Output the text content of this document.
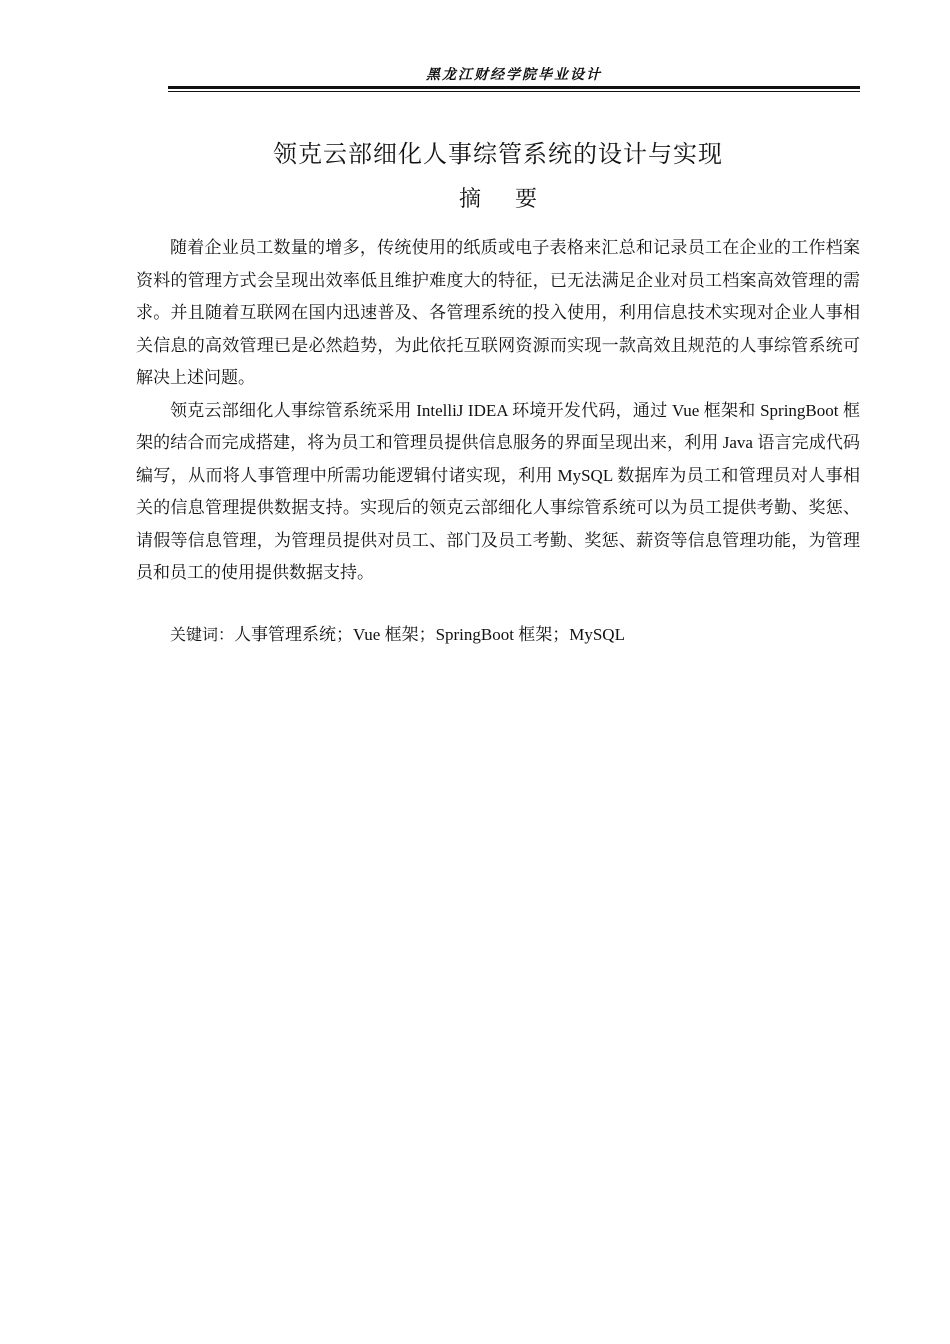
黑龙江财经学院毕业设计
领克云部细化人事综管系统的设计与实现
摘要

随着企业员工数量的增多，传统使用的纸质或电子表格来汇总和记录员工在企业的工作档案资料的管理方式会呈现出效率低且维护难度大的特征，已无法满足企业对员工档案高效管理的需求。并且随着互联网在国内迅速普及、各管理系统的投入使用，利用信息技术实现对企业人事相关信息的高效管理已是必然趋势，为此依托互联网资源而实现一款高效且规范的人事综管系统可解决上述问题。

领克云部细化人事综管系统采用 IntelliJ IDEA 环境开发代码，通过 Vue 框架和 SpringBoot 框架的结合而完成搭建，将为员工和管理员提供信息服务的界面呈现出来，利用 Java 语言完成代码编写，从而将人事管理中所需功能逻辑付诸实现，利用 MySQL 数据库为员工和管理员对人事相关的信息管理提供数据支持。实现后的领克云部细化人事综管系统可以为员工提供考勤、奖惩、请假等信息管理，为管理员提供对员工、部门及员工考勤、奖惩、薪资等信息管理功能，为管理员和员工的使用提供数据支持。

关键词：人事管理系统；Vue 框架；SpringBoot 框架；MySQL
